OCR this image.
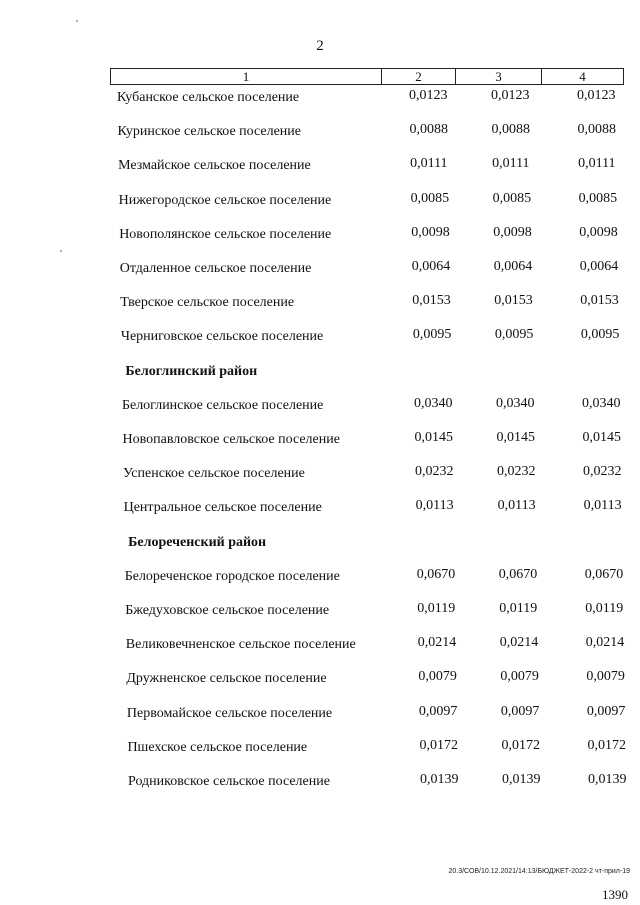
2
1	2	3	4
Кубанское сельское поселение	0,0123	0,0123	0,0123
Куринское сельское поселение	0,0088	0,0088	0,0088
Мезмайское сельское поселение	0,0111	0,0111	0,0111
Нижегородское сельское поселение	0,0085	0,0085	0,0085
Новополянское сельское поселение	0,0098	0,0098	0,0098
Отдаленное сельское поселение	0,0064	0,0064	0,0064
Тверское сельское поселение	0,0153	0,0153	0,0153
Черниговское сельское поселение	0,0095	0,0095	0,0095
Белоглинский район
Белоглинское сельское поселение	0,0340	0,0340	0,0340
Новопавловское сельское поселение	0,0145	0,0145	0,0145
Успенское сельское поселение	0,0232	0,0232	0,0232
Центральное сельское поселение	0,0113	0,0113	0,0113
Белореченский район
Белореченское городское поселение	0,0670	0,0670	0,0670
Бжедуховское сельское поселение	0,0119	0,0119	0,0119
Великовечненское сельское поселение	0,0214	0,0214	0,0214
Дружненское сельское поселение	0,0079	0,0079	0,0079
Первомайское сельское поселение	0,0097	0,0097	0,0097
Пшехское сельское поселение	0,0172	0,0172	0,0172
Родниковское сельское поселение	0,0139	0,0139	0,0139
20.3/СОВ/10.12.2021/14:13/БЮДЖЕТ-2022-2 чт-прил-19
1390
